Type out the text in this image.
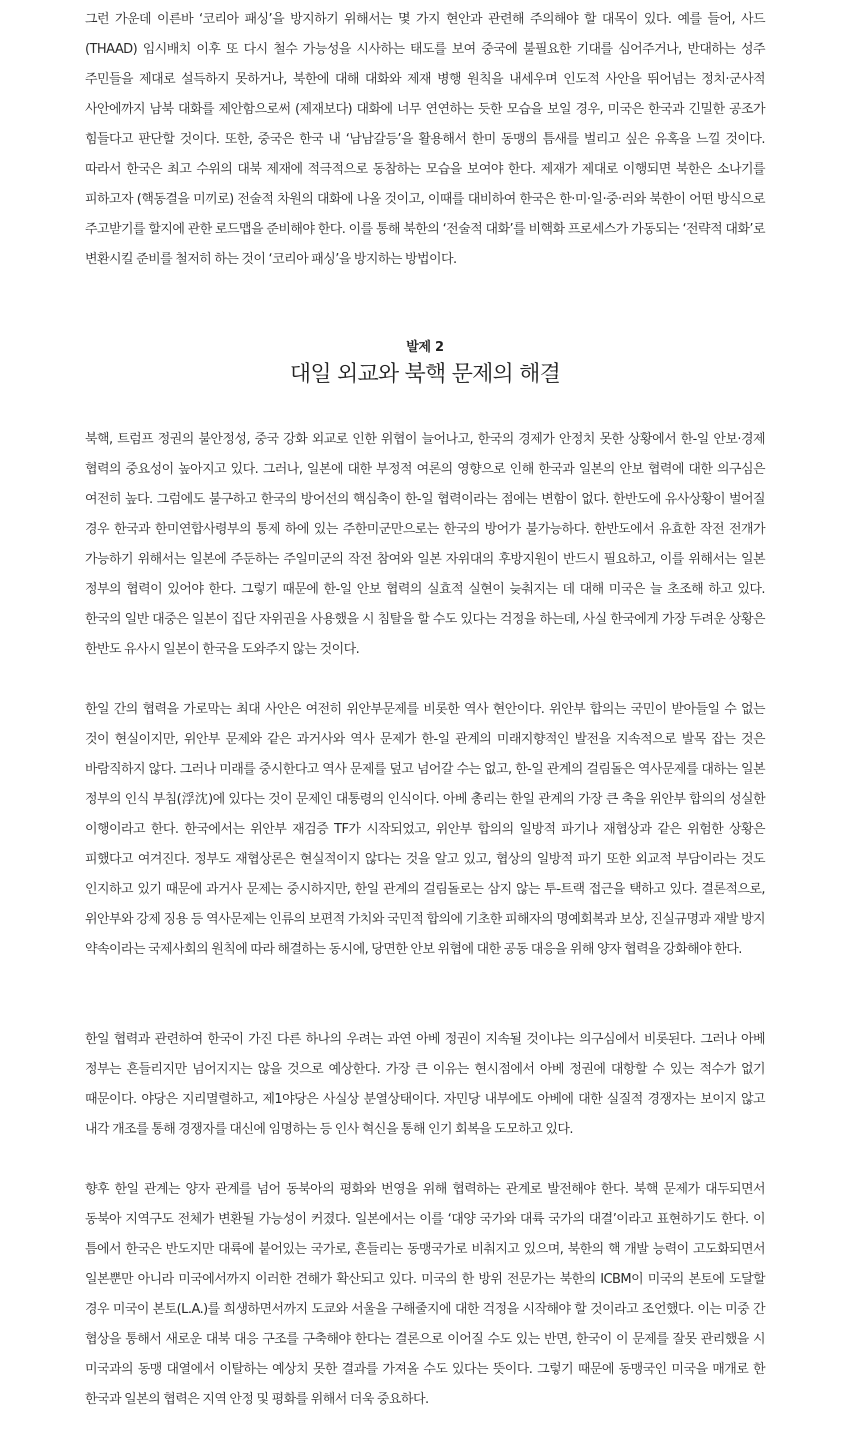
그런 가운데 이른바 ‘코리아 패싱’을 방지하기 위해서는 몇 가지 현안과 관련해 주의해야 할 대목이 있다. 예를 들어, 사드(THAAD) 임시배치 이후 또 다시 철수 가능성을 시사하는 태도를 보여 중국에 불필요한 기대를 심어주거나, 반대하는 성주 주민들을 제대로 설득하지 못하거나, 북한에 대해 대화와 제재 병행 원칙을 내세우며 인도적 사안을 뛰어넘는 정치·군사적 사안에까지 남북 대화를 제안함으로써 (제재보다) 대화에 너무 연연하는 듯한 모습을 보일 경우, 미국은 한국과 긴밀한 공조가 힘들다고 판단할 것이다. 또한, 중국은 한국 내 ‘남남갈등’을 활용해서 한미 동맹의 틈새를 벌리고 싶은 유혹을 느낄 것이다. 따라서 한국은 최고 수위의 대북 제재에 적극적으로 동참하는 모습을 보여야 한다. 제재가 제대로 이행되면 북한은 소나기를 피하고자 (핵동결을 미끼로) 전술적 차원의 대화에 나올 것이고, 이때를 대비하여 한국은 한·미·일·중·러와 북한이 어떤 방식으로 주고받기를 할지에 관한 로드맵을 준비해야 한다. 이를 통해 북한의 ‘전술적 대화’를 비핵화 프로세스가 가동되는 ‘전략적 대화’로 변환시킬 준비를 철저히 하는 것이 ‘코리아 패싱’을 방지하는 방법이다.

발제 2
대일 외교와 북핵 문제의 해결

북핵, 트럼프 정권의 불안정성, 중국 강화 외교로 인한 위협이 늘어나고, 한국의 경제가 안정치 못한 상황에서 한-일 안보·경제 협력의 중요성이 높아지고 있다. 그러나, 일본에 대한 부정적 여론의 영향으로 인해 한국과 일본의 안보 협력에 대한 의구심은 여전히 높다. 그럼에도 불구하고 한국의 방어선의 핵심축이 한-일 협력이라는 점에는 변함이 없다. 한반도에 유사상황이 벌어질 경우 한국과 한미연합사령부의 통제 하에 있는 주한미군만으로는 한국의 방어가 불가능하다. 한반도에서 유효한 작전 전개가 가능하기 위해서는 일본에 주둔하는 주일미군의 작전 참여와 일본 자위대의 후방지원이 반드시 필요하고, 이를 위해서는 일본 정부의 협력이 있어야 한다. 그렇기 때문에 한-일 안보 협력의 실효적 실현이 늦춰지는 데 대해 미국은 늘 초조해 하고 있다. 한국의 일반 대중은 일본이 집단 자위권을 사용했을 시 침탈을 할 수도 있다는 걱정을 하는데, 사실 한국에게 가장 두려운 상황은 한반도 유사시 일본이 한국을 도와주지 않는 것이다.

한일 간의 협력을 가로막는 최대 사안은 여전히 위안부문제를 비롯한 역사 현안이다. 위안부 합의는 국민이 받아들일 수 없는 것이 현실이지만, 위안부 문제와 같은 과거사와 역사 문제가 한-일 관계의 미래지향적인 발전을 지속적으로 발목 잡는 것은 바람직하지 않다. 그러나 미래를 중시한다고 역사 문제를 덮고 넘어갈 수는 없고, 한-일 관계의 걸림돌은 역사문제를 대하는 일본 정부의 인식 부침(浮沈)에 있다는 것이 문제인 대통령의 인식이다. 아베 총리는 한일 관계의 가장 큰 축을 위안부 합의의 성실한 이행이라고 한다. 한국에서는 위안부 재검증 TF가 시작되었고, 위안부 합의의 일방적 파기나 재협상과 같은 위험한 상황은 피했다고 여겨진다. 정부도 재협상론은 현실적이지 않다는 것을 알고 있고, 협상의 일방적 파기 또한 외교적 부담이라는 것도 인지하고 있기 때문에 과거사 문제는 중시하지만, 한일 관계의 걸림돌로는 삼지 않는 투-트랙 접근을 택하고 있다. 결론적으로, 위안부와 강제 징용 등 역사문제는 인류의 보편적 가치와 국민적 합의에 기초한 피해자의 명예회복과 보상, 진실규명과 재발 방지 약속이라는 국제사회의 원칙에 따라 해결하는 동시에, 당면한 안보 위협에 대한 공동 대응을 위해 양자 협력을 강화해야 한다.

한일 협력과 관련하여 한국이 가진 다른 하나의 우려는 과연 아베 정권이 지속될 것이냐는 의구심에서 비롯된다. 그러나 아베 정부는 흔들리지만 넘어지지는 않을 것으로 예상한다. 가장 큰 이유는 현시점에서 아베 정권에 대항할 수 있는 적수가 없기 때문이다. 야당은 지리멸렬하고, 제1야당은 사실상 분열상태이다. 자민당 내부에도 아베에 대한 실질적 경쟁자는 보이지 않고 내각 개조를 통해 경쟁자를 대신에 임명하는 등 인사 혁신을 통해 인기 회복을 도모하고 있다.

향후 한일 관계는 양자 관계를 넘어 동북아의 평화와 번영을 위해 협력하는 관계로 발전해야 한다. 북핵 문제가 대두되면서 동북아 지역구도 전체가 변환될 가능성이 커졌다. 일본에서는 이를 ‘대양 국가와 대륙 국가의 대결’이라고 표현하기도 한다. 이 틈에서 한국은 반도지만 대륙에 붙어있는 국가로, 흔들리는 동맹국가로 비춰지고 있으며, 북한의 핵 개발 능력이 고도화되면서 일본뿐만 아니라 미국에서까지 이러한 견해가 확산되고 있다. 미국의 한 방위 전문가는 북한의 ICBM이 미국의 본토에 도달할 경우 미국이 본토(L.A.)를 희생하면서까지 도쿄와 서울을 구해줄지에 대한 걱정을 시작해야 할 것이라고 조언했다. 이는 미중 간 협상을 통해서 새로운 대북 대응 구조를 구축해야 한다는 결론으로 이어질 수도 있는 반면, 한국이 이 문제를 잘못 관리했을 시 미국과의 동맹 대열에서 이탈하는 예상치 못한 결과를 가져올 수도 있다는 뜻이다. 그렇기 때문에 동맹국인 미국을 매개로 한 한국과 일본의 협력은 지역 안정 및 평화를 위해서 더욱 중요하다.
